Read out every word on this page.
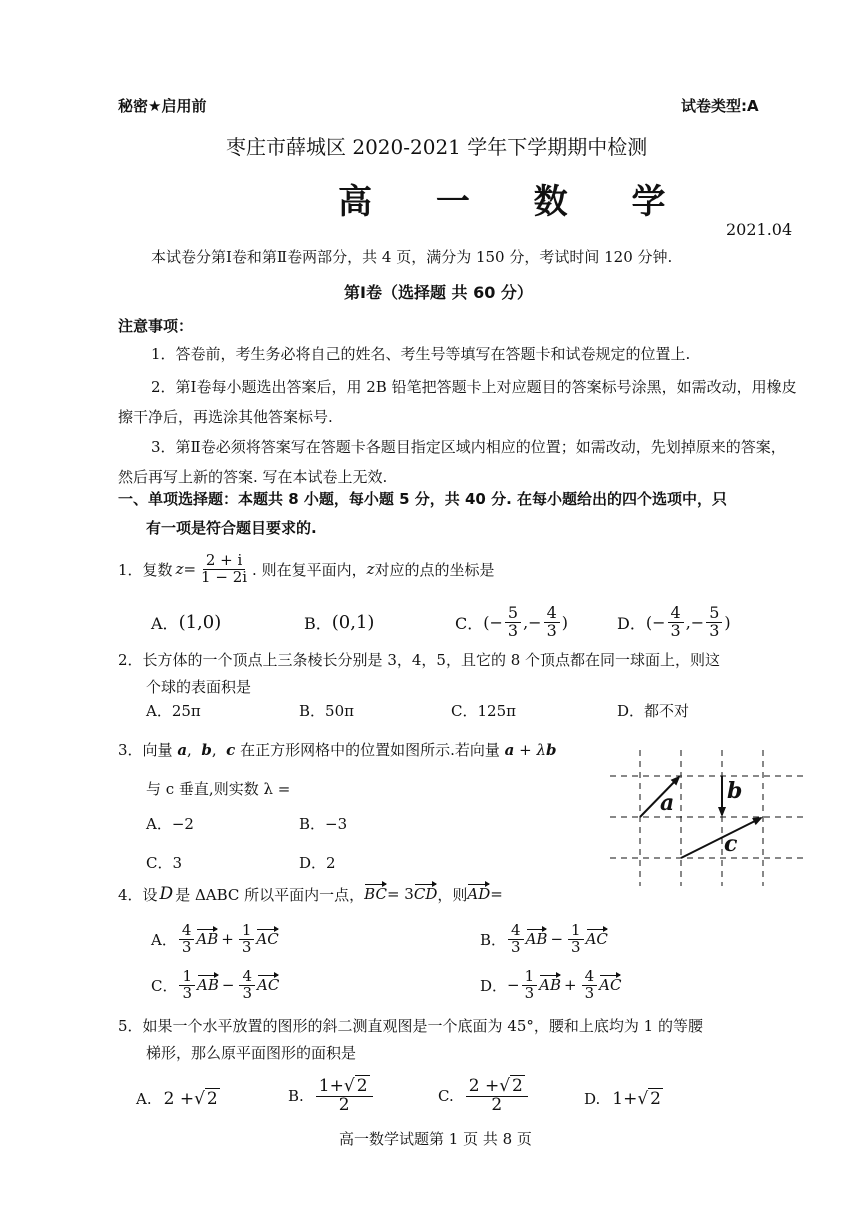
秘密★启用前	试卷类型:A
枣庄市薛城区 2020-2021 学年下学期期中检测
高 一 数 学
2021.04
本试卷分第Ⅰ卷和第Ⅱ卷两部分，共 4 页，满分为 150 分，考试时间 120 分钟.
第Ⅰ卷（选择题 共 60 分）
注意事项：
1．答卷前，考生务必将自己的姓名、考生号等填写在答题卡和试卷规定的位置上.
2．第Ⅰ卷每小题选出答案后，用 2B 铅笔把答题卡上对应题目的答案标号涂黑，如需改动，用橡皮擦干净后，再选涂其他答案标号.
3．第Ⅱ卷必须将答案写在答题卡各题目指定区域内相应的位置；如需改动，先划掉原来的答案，然后再写上新的答案. 写在本试卷上无效.
一、单项选择题：本题共 8 小题，每小题 5 分，共 40 分. 在每小题给出的四个选项中，只
有一项是符合题目要求的.
1． 复数 $z = \frac{2 + i}{1 - 2i}$ . 则在复平面内， z 对应的点的坐标是
A． (1,0)	B． (0,1)	C． (− $\frac{5}{3}$ ,− $\frac{4}{3}$ )	D． (− $\frac{4}{3}$ ,− $\frac{5}{3}$ )
2．长方体的一个顶点上三条棱长分别是 3，4，5，且它的 8 个顶点都在同一球面上，则这
个球的表面积是
A．25π	B．50π	C．125π	D．都不对
3．向量 a,  b,  c 在正方形网格中的位置如图所示.若向量 a + λb
与 c 垂直,则实数 λ =
A．−2	B．−3
C．3	D．2
a b
c
4．设 D 是 ΔABC 所以平面内一点， BC = 3 CD ，则 AD =
A． $\frac{4}{3}$ AB + $\frac{1}{3}$ AC	B． $\frac{4}{3}$ AB − $\frac{1}{3}$ AC
C． $\frac{1}{3}$ AB − $\frac{4}{3}$ AC	D． − $\frac{1}{3}$ AB + $\frac{4}{3}$ AC
5．如果一个水平放置的图形的斜二测直观图是一个底面为 45°，腰和上底均为 1 的等腰
梯形，那么原平面图形的面积是
A. 2 + √ 2	B. $\frac{1+√ 2}{2}$	C. $\frac{2 +√ 2}{2}$	D. 1+ √ 2
高一数学试题第 1 页 共 8 页
